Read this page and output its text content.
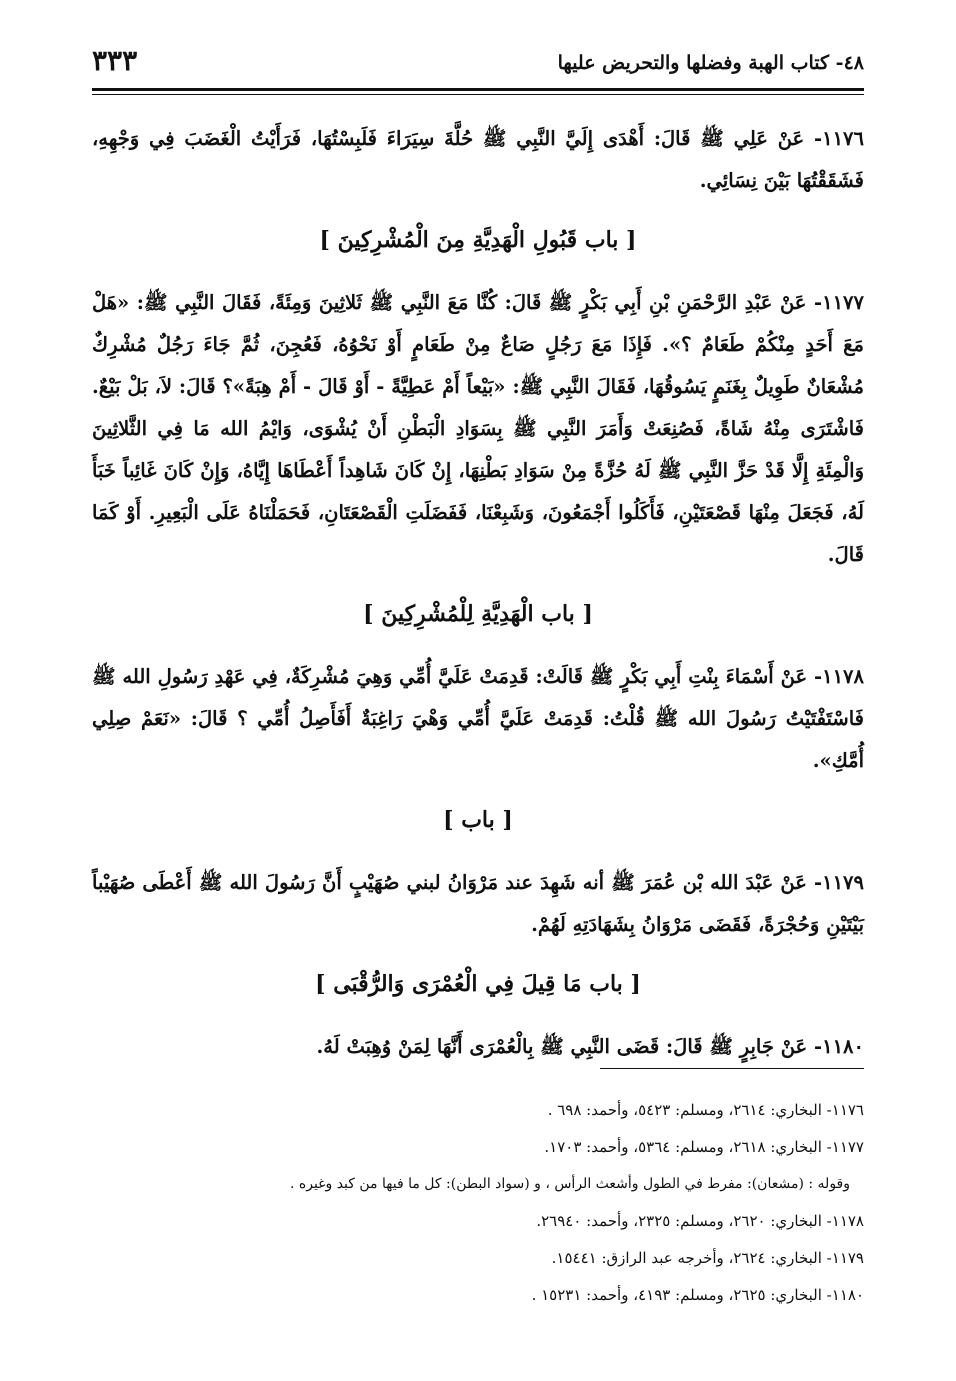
٤٨- كتاب الهبة وفضلها والتحريض عليها
٣٣٣

١١٧٦- عَنْ عَلِي ﷺ قَالَ: أَهْدَى إِلَيَّ النَّبِي ﷺ حُلَّةَ سِيَرَاءَ فَلَبِسْتُهَا، فَرَأَيْتُ الْغَضَبَ فِي وَجْهِهِ، فَشَقَقْتُهَا بَيْنَ نِسَائِي.

[ باب قَبُولِ الْهَدِيَّةِ مِنَ الْمُشْرِكِينَ ]

١١٧٧- عَنْ عَبْدِ الرَّحْمَنِ بْنِ أَبِي بَكْرٍ ﷺ قَالَ: كُنَّا مَعَ النَّبِي ﷺ ثَلاثِينَ وَمِئَةً، فَقَالَ النَّبِي ﷺ: «هَلْ مَعَ أَحَدٍ مِنْكُمْ طَعَامٌ ؟». فَإِذَا مَعَ رَجُلٍ صَاعٌ مِنْ طَعَامٍ أَوْ نَحْوُهُ، فَعُجِنَ، ثُمَّ جَاءَ رَجُلٌ مُشْرِكٌ مُشْعَانٌ طَوِيلٌ بِغَنَمٍ يَسُوقُهَا، فَقَالَ النَّبِي ﷺ: «بَيْعاً أَمْ عَطِيَّةً - أَوْ قَالَ - أَمْ هِبَةً»؟ قَالَ: لاَ، بَلْ بَيْعٌ. فَاشْتَرَى مِنْهُ شَاةً، فَصُنِعَتْ وَأَمَرَ النَّبِي ﷺ بِسَوَادِ الْبَطْنِ أَنْ يُشْوَى، وَايْمُ الله مَا فِي الثَّلاثِينَ وَالْمِئَةِ إِلَّا قَدْ حَزَّ النَّبِي ﷺ لَهُ حُزَّةً مِنْ سَوَادِ بَطْنِهَا، إِنْ كَانَ شَاهِداً أَعْطَاهَا إِيَّاهُ، وَإِنْ كَانَ غَائِباً خَبَأَ لَهُ، فَجَعَلَ مِنْهَا قَصْعَتَيْنِ، فَأَكَلُوا أَجْمَعُونَ، وَشَبِعْنَا، فَفَضَلَتِ الْقَصْعَتَانِ، فَحَمَلْنَاهُ عَلَى الْبَعِيرِ. أَوْ كَمَا قَالَ.

[ باب الْهَدِيَّةِ لِلْمُشْرِكِينَ ]

١١٧٨- عَنْ أَسْمَاءَ بِنْتِ أَبِي بَكْرٍ ﷺ قَالَتْ: قَدِمَتْ عَلَيَّ أُمِّي وَهِيَ مُشْرِكَةٌ، فِي عَهْدِ رَسُولِ الله ﷺ فَاسْتَفْتَيْتُ رَسُولَ الله ﷺ قُلْتُ: قَدِمَتْ عَلَيَّ أُمِّي وَهْيَ رَاغِبَةٌ أَفَأَصِلُ أُمِّي ؟ قَالَ: «نَعَمْ صِلِي أُمَّكِ».

[ باب ]

١١٧٩- عَنْ عَبْدَ الله بْن عُمَرَ ﷺ أنه شَهِدَ عند مَرْوَانُ لبني صُهَيْبٍ أَنَّ رَسُولَ الله ﷺ أَعْطَى صُهَيْباً بَيْتَيْنِ وَحُجْرَةً، فَقَضَى مَرْوَانُ بِشَهَادَتِهِ لَهُمْ.

[ باب مَا قِيلَ فِي الْعُمْرَى وَالرُّقْبَى ]

١١٨٠- عَنْ جَابِرٍ ﷺ قَالَ: قَضَى النَّبِي ﷺ بِالْعُمْرَى أَنَّهَا لِمَنْ وُهِبَتْ لَهُ.

١١٧٦- البخاري: ٢٦١٤، ومسلم: ٥٤٢٣، وأحمد: ٦٩٨ .

١١٧٧- البخاري: ٢٦١٨، ومسلم: ٥٣٦٤، وأحمد: ١٧٠٣.

وقوله : (مشعان): مفرط في الطول وأشعث الرأس ، و (سواد البطن): كل ما فيها من كبد وغيره .

١١٧٨- البخاري: ٢٦٢٠، ومسلم: ٢٣٢٥، وأحمد: ٢٦٩٤٠.

١١٧٩- البخاري: ٢٦٢٤، وأخرجه عبد الرازق: ١٥٤٤١.

١١٨٠- البخاري: ٢٦٢٥، ومسلم: ٤١٩٣، وأحمد: ١٥٢٣١ .
